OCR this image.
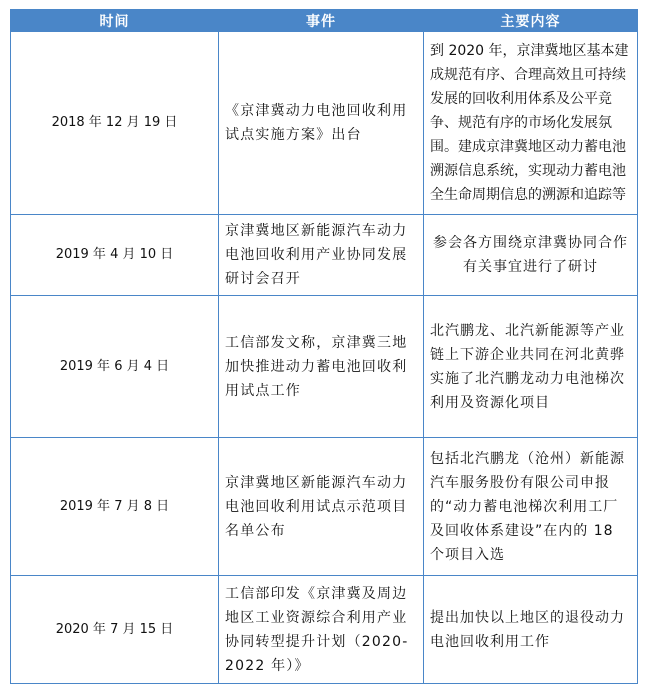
时间	事件	主要内容
2018 年 12 月 19 日	《京津冀动力电池回收利用试点实施方案》出台	到 2020 年，京津冀地区基本建成规范有序、合理高效且可持续发展的回收利用体系及公平竞争、规范有序的市场化发展氛围。建成京津冀地区动力蓄电池溯源信息系统，实现动力蓄电池全生命周期信息的溯源和追踪等
2019 年 4 月 10 日	京津冀地区新能源汽车动力电池回收利用产业协同发展研讨会召开	参会各方围绕京津冀协同合作有关事宜进行了研讨
2019 年 6 月 4 日	工信部发文称，京津冀三地加快推进动力蓄电池回收利用试点工作	北汽鹏龙、北汽新能源等产业链上下游企业共同在河北黄骅实施了北汽鹏龙动力电池梯次利用及资源化项目
2019 年 7 月 8 日	京津冀地区新能源汽车动力电池回收利用试点示范项目名单公布	包括北汽鹏龙（沧州）新能源汽车服务股份有限公司申报的“动力蓄电池梯次利用工厂及回收体系建设”在内的 18 个项目入选
2020 年 7 月 15 日	工信部印发《京津冀及周边地区工业资源综合利用产业协同转型提升计划（2020-2022 年）》	提出加快以上地区的退役动力电池回收利用工作
